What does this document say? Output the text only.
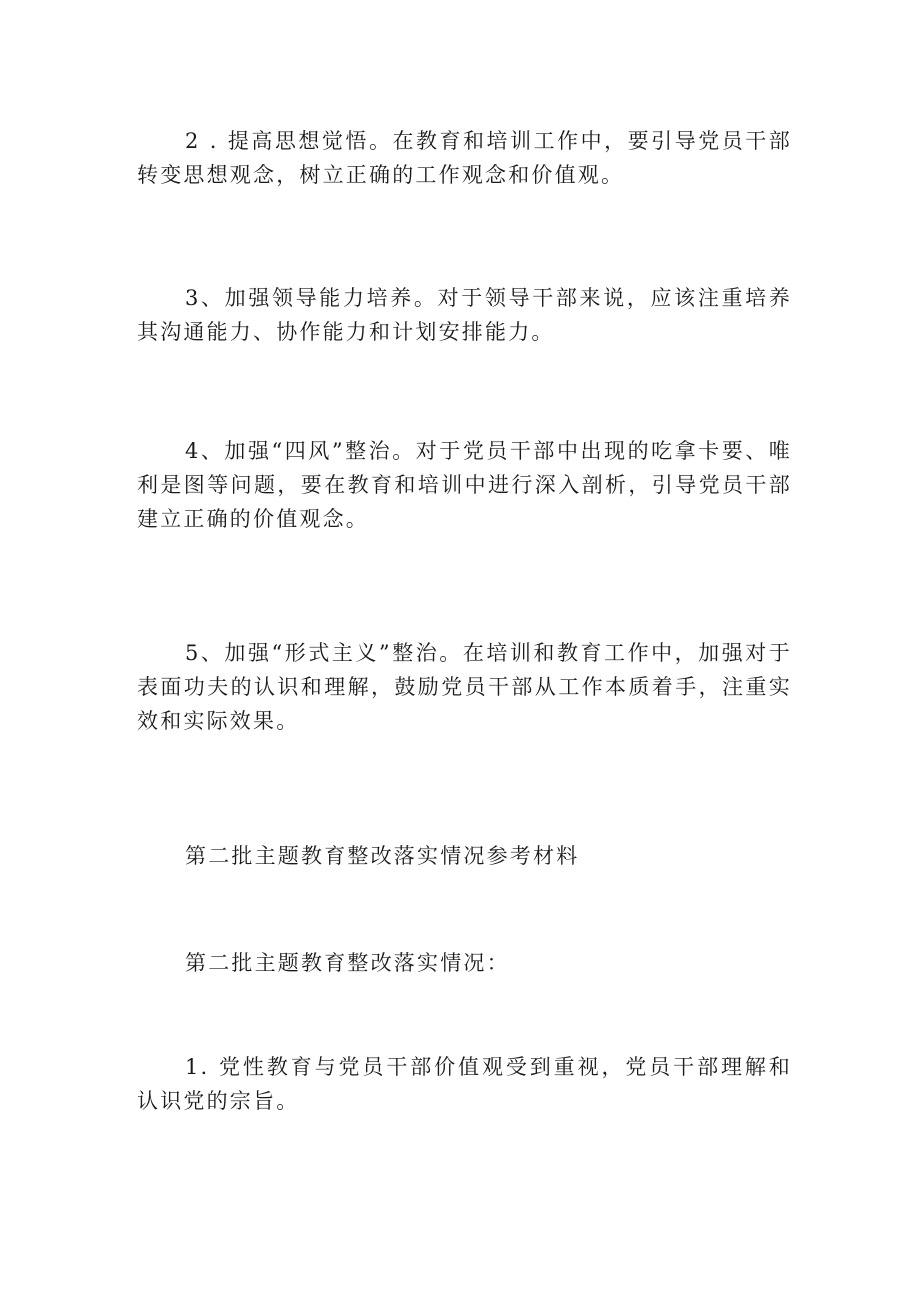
2 . 提高思想觉悟。在教育和培训工作中，要引导党员干部转变思想观念，树立正确的工作观念和价值观。

3、加强领导能力培养。对于领导干部来说，应该注重培养其沟通能力、协作能力和计划安排能力。

4、加强“四风”整治。对于党员干部中出现的吃拿卡要、唯利是图等问题，要在教育和培训中进行深入剖析，引导党员干部建立正确的价值观念。

5、加强“形式主义”整治。在培训和教育工作中，加强对于表面功夫的认识和理解，鼓励党员干部从工作本质着手，注重实效和实际效果。

第二批主题教育整改落实情况参考材料

第二批主题教育整改落实情况：

1. 党性教育与党员干部价值观受到重视，党员干部理解和认识党的宗旨。
